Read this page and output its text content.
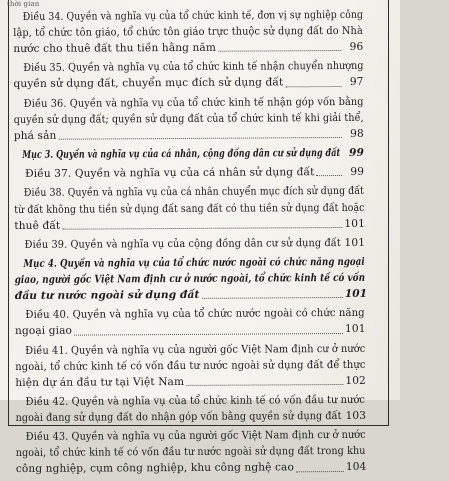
thời gian
Điều 34. Quyền và nghĩa vụ của tổ chức kinh tế, đơn vị sự nghiệp công
lập, tổ chức tôn giáo, tổ chức tôn giáo trực thuộc sử dụng đất do Nhà
nước cho thuê đất thu tiền hằng năm	96
Điều 35. Quyền và nghĩa vụ của tổ chức kinh tế nhận chuyển nhượng
quyền sử dụng đất, chuyển mục đích sử dụng đất	97
Điều 36. Quyền và nghĩa vụ của tổ chức kinh tế nhận góp vốn bằng
quyền sử dụng đất; quyền sử dụng đất của tổ chức kinh tế khi giải thể,
phá sản	98
Mục 3. Quyền và nghĩa vụ của cá nhân, cộng đồng dân cư sử dụng đất 99
Điều 37. Quyền và nghĩa vụ của cá nhân sử dụng đất	99
Điều 38. Quyền và nghĩa vụ của cá nhân chuyển mục đích sử dụng đất
từ đất không thu tiền sử dụng đất sang đất có thu tiền sử dụng đất hoặc
thuê đất	101
Điều 39. Quyền và nghĩa vụ của cộng đồng dân cư sử dụng đất 101
Mục 4. Quyền và nghĩa vụ của tổ chức nước ngoài có chức năng ngoại
giao, người gốc Việt Nam định cư ở nước ngoài, tổ chức kinh tế có vốn
đầu tư nước ngoài sử dụng đất	101
Điều 40. Quyền và nghĩa vụ của tổ chức nước ngoài có chức năng
ngoại giao	101
Điều 41. Quyền và nghĩa vụ của người gốc Việt Nam định cư ở nước
ngoài, tổ chức kinh tế có vốn đầu tư nước ngoài sử dụng đất để thực
hiện dự án đầu tư tại Việt Nam	102
Điều 42. Quyền và nghĩa vụ của tổ chức kinh tế có vốn đầu tư nước
ngoài đang sử dụng đất do nhận góp vốn bằng quyền sử dụng đất 103
Điều 43. Quyền và nghĩa vụ của người gốc Việt Nam định cư ở nước
ngoài, tổ chức kinh tế có vốn đầu tư nước ngoài sử dụng đất trong khu
công nghiệp, cụm công nghiệp, khu công nghệ cao	104
